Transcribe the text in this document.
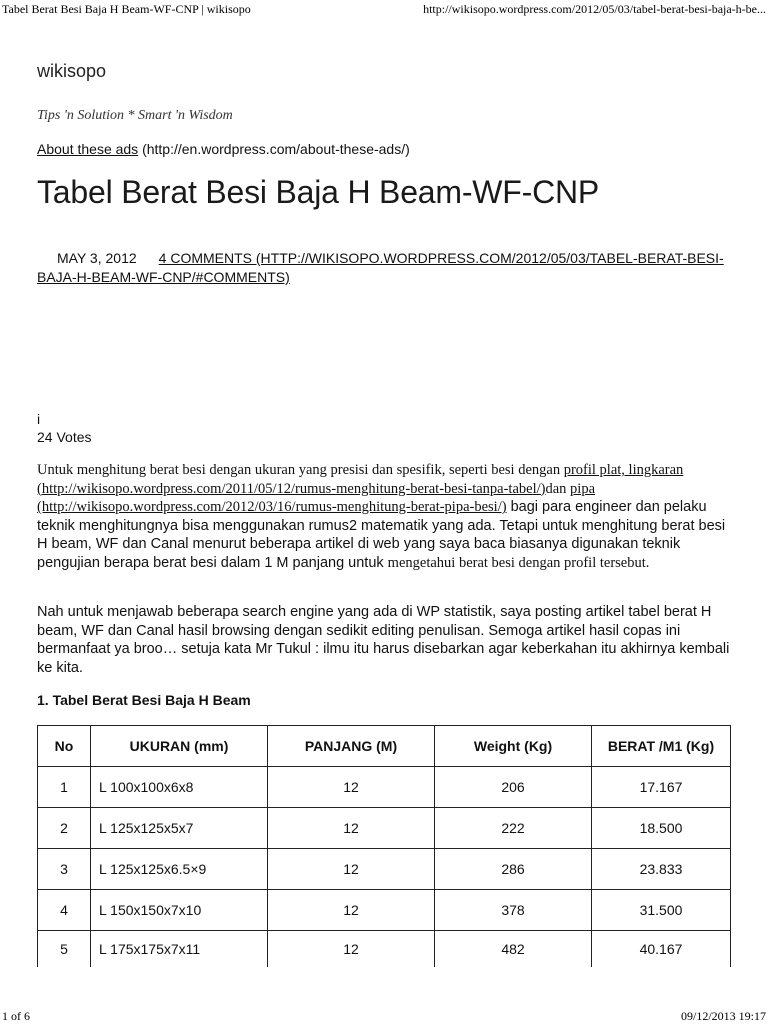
Tabel Berat Besi Baja H Beam-WF-CNP | wikisopo	http://wikisopo.wordpress.com/2012/05/03/tabel-berat-besi-baja-h-be...
wikisopo
Tips 'n Solution * Smart 'n Wisdom
About these ads (http://en.wordpress.com/about-these-ads/)
Tabel Berat Besi Baja H Beam-WF-CNP
MAY 3, 2012 4 COMMENTS (HTTP://WIKISOPO.WORDPRESS.COM/2012/05/03/TABEL-BERAT-BESI-BAJA-H-BEAM-WF-CNP/#COMMENTS)
i
24 Votes
Untuk menghitung berat besi dengan ukuran yang presisi dan spesifik, seperti besi dengan profil plat, lingkaran (http://wikisopo.wordpress.com/2011/05/12/rumus-menghitung-berat-besi-tanpa-tabel/)dan pipa (http://wikisopo.wordpress.com/2012/03/16/rumus-menghitung-berat-pipa-besi/) bagi para engineer dan pelaku teknik menghitungnya bisa menggunakan rumus2 matematik yang ada. Tetapi untuk menghitung berat besi H beam, WF dan Canal menurut beberapa artikel di web yang saya baca biasanya digunakan teknik pengujian berapa berat besi dalam 1 M panjang untuk mengetahui berat besi dengan profil tersebut.
Nah untuk menjawab beberapa search engine yang ada di WP statistik, saya posting artikel tabel berat H beam, WF dan Canal hasil browsing dengan sedikit editing penulisan. Semoga artikel hasil copas ini bermanfaat ya broo… setuja kata Mr Tukul : ilmu itu harus disebarkan agar keberkahan itu akhirnya kembali ke kita.
1. Tabel Berat Besi Baja H Beam
No	UKURAN (mm)	PANJANG (M)	Weight (Kg)	BERAT /M1 (Kg)
1	L 100x100x6x8	12	206	17.167
2	L 125x125x5x7	12	222	18.500
3	L 125x125x6.5×9	12	286	23.833
4	L 150x150x7x10	12	378	31.500
5	L 175x175x7x11	12	482	40.167
1 of 6	09/12/2013 19:17
